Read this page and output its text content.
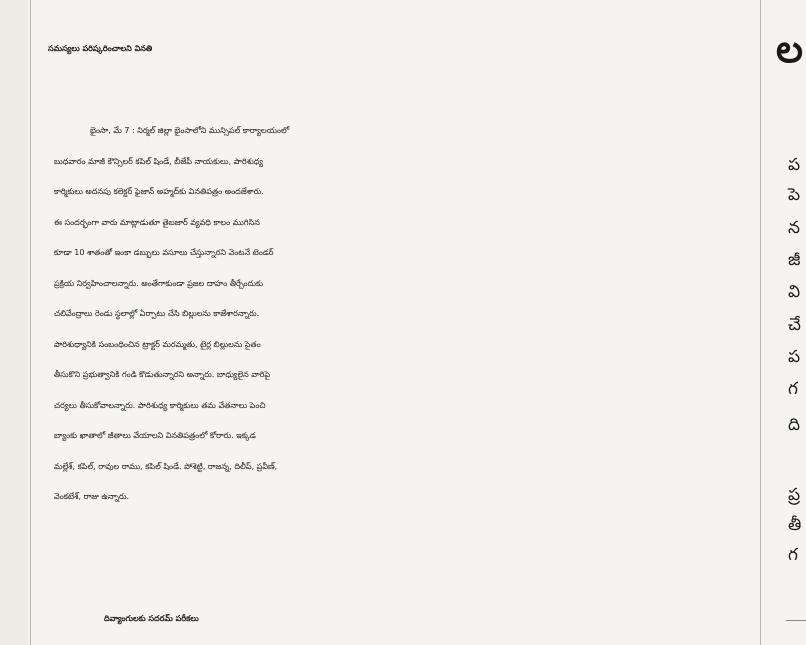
సమస్యలు పరిష్కరించాలని వినతి
భైంసా, మే 7 : నిర్మల్ జిల్లా భైంసాలోని మున్సిపల్ కార్యాలయంలో
బుధవారం మాజీ కౌన్సిలర్ కపిల్ షిండే, బీజేపీ నాయకులు, పారిశుధ్య
కార్మికులు అదనపు కలెక్టర్ ఫైజాన్ అహ్మద్‌కు వినతిపత్రం అందజేశారు.
ఈ సందర్భంగా వారు మాట్లాడుతూ తైబజార్ వ్యవధి కాలం ముగిసిన
కూడా 10 శాతంతో ఇంకా డబ్బులు వసూలు చేస్తున్నారని వెంటనే టెండర్
ప్రక్రియ నిర్వహించాలన్నారు. అంతేగాకుండా ప్రజల దాహం తీర్చేందుకు
చలివేంద్రాలు రెండు స్థలాల్లో ఏర్పాటు చేసి బిల్లులను కాజేశారన్నారు.
పారిశుధ్యానికి సంబంధించిన ట్రాక్టర్ మరమ్మతు, టైర్ల బిల్లులను సైతం
తీసుకొని ప్రభుత్వానికి గండి కొడుతున్నారని అన్నారు. బాధ్యులైన వారిపై
చర్యలు తీసుకోవాలన్నారు. పారిశుధ్య కార్మికులు తమ వేతనాలు పెంచి
బ్యాంకు ఖాతాలో జీతాలు వేయాలని వినతిపత్రంలో కోరారు. ఇక్కడ
మల్లేశ్, కపిల్, రావుల రాము, కపిల్ షిండే. పోశెట్టి, రాజన్న, దిలీప్, ప్రవీణ్,
వెంకటేశ్, రాజు ఉన్నారు.
దివ్యాంగులకు సదరమ్ పరీకలు
ల
ప
పె
న
జీ
వి
చే
ప
గ
ది
ప్ర
తీ
గ
